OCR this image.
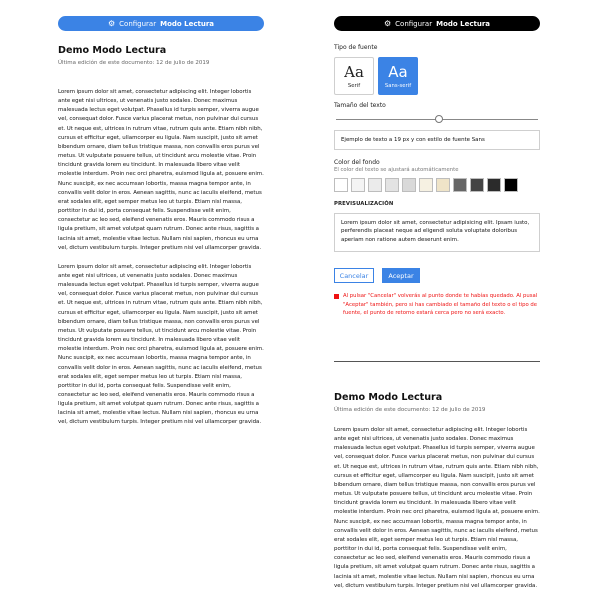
⚙ Configurar Modo Lectura
Demo Modo Lectura
Última edición de este documento: 12 de julio de 2019

Lorem ipsum dolor sit amet, consectetur adipiscing elit. Integer lobortis ante eget nisi ultrices, ut venenatis justo sodales. Donec maximus malesuada lectus eget volutpat. Phasellus id turpis semper, viverra augue vel, consequat dolor. Fusce varius placerat metus, non pulvinar dui cursus et. Ut neque est, ultrices in rutrum vitae, rutrum quis ante. Etiam nibh nibh, cursus et efficitur eget, ullamcorper eu ligula. Nam suscipit, justo sit amet bibendum ornare, diam tellus tristique massa, non convallis eros purus vel metus. Ut vulputate posuere tellus, ut tincidunt arcu molestie vitae. Proin tincidunt gravida lorem eu tincidunt. In malesuada libero vitae velit molestie interdum. Proin nec orci pharetra, euismod ligula at, posuere enim. Nunc suscipit, ex nec accumsan lobortis, massa magna tempor ante, in convallis velit dolor in eros. Aenean sagittis, nunc ac iaculis eleifend, metus erat sodales elit, eget semper metus leo ut turpis. Etiam nisl massa, porttitor in dui id, porta consequat felis. Suspendisse velit enim, consectetur ac leo sed, eleifend venenatis eros. Mauris commodo risus a ligula pretium, sit amet volutpat quam rutrum. Donec ante risus, sagittis a lacinia sit amet, molestie vitae lectus. Nullam nisi sapien, rhoncus eu urna vel, dictum vestibulum turpis. Integer pretium nisi vel ullamcorper gravida.

Lorem ipsum dolor sit amet, consectetur adipiscing elit. Integer lobortis ante eget nisi ultrices, ut venenatis justo sodales. Donec maximus malesuada lectus eget volutpat. Phasellus id turpis semper, viverra augue vel, consequat dolor. Fusce varius placerat metus, non pulvinar dui cursus et. Ut neque est, ultrices in rutrum vitae, rutrum quis ante. Etiam nibh nibh, cursus et efficitur eget, ullamcorper eu ligula. Nam suscipit, justo sit amet bibendum ornare, diam tellus tristique massa, non convallis eros purus vel metus. Ut vulputate posuere tellus, ut tincidunt arcu molestie vitae. Proin tincidunt gravida lorem eu tincidunt. In malesuada libero vitae velit molestie interdum. Proin nec orci pharetra, euismod ligula at, posuere enim. Nunc suscipit, ex nec accumsan lobortis, massa magna tempor ante, in convallis velit dolor in eros. Aenean sagittis, nunc ac iaculis eleifend, metus erat sodales elit, eget semper metus leo ut turpis. Etiam nisl massa, porttitor in dui id, porta consequat felis. Suspendisse velit enim, consectetur ac leo sed, eleifend venenatis eros. Mauris commodo risus a ligula pretium, sit amet volutpat quam rutrum. Donec ante risus, sagittis a lacinia sit amet, molestie vitae lectus. Nullam nisi sapien, rhoncus eu urna vel, dictum vestibulum turpis. Integer pretium nisi vel ullamcorper gravida.

⚙ Configurar Modo Lectura
Tipo de fuente
Aa
Serif
Aa
Sans-serif
Tamaño del texto
Ejemplo de texto a 19 px y con estilo de fuente Sans
Color del fondo
El color del texto se ajustará automáticamente
PREVISUALIZACIÓN
Lorem ipsum dolor sit amet, consectetur adipisicing elit. Ipsam iusto, perferendis placeat neque ad eligendi soluta voluptate doloribus aperiam non ratione autem deserunt enim.
Cancelar	Aceptar
Al pulsar "Cancelar" volverás al punto donde te habías quedado. Al pusal "Aceptar" también, pero si has cambiado el tamaño del texto o el tipo de fuente, el punto de retorno estará cerca pero no será exacto.
Demo Modo Lectura
Última edición de este documento: 12 de julio de 2019

Lorem ipsum dolor sit amet, consectetur adipiscing elit. Integer lobortis ante eget nisi ultrices, ut venenatis justo sodales. Donec maximus malesuada lectus eget volutpat. Phasellus id turpis semper, viverra augue vel, consequat dolor. Fusce varius placerat metus, non pulvinar dui cursus et. Ut neque est, ultrices in rutrum vitae, rutrum quis ante. Etiam nibh nibh, cursus et efficitur eget, ullamcorper eu ligula. Nam suscipit, justo sit amet bibendum ornare, diam tellus tristique massa, non convallis eros purus vel metus. Ut vulputate posuere tellus, ut tincidunt arcu molestie vitae. Proin tincidunt gravida lorem eu tincidunt. In malesuada libero vitae velit molestie interdum. Proin nec orci pharetra, euismod ligula at, posuere enim. Nunc suscipit, ex nec accumsan lobortis, massa magna tempor ante, in convallis velit dolor in eros. Aenean sagittis, nunc ac iaculis eleifend, metus erat sodales elit, eget semper metus leo ut turpis. Etiam nisl massa, porttitor in dui id, porta consequat felis. Suspendisse velit enim, consectetur ac leo sed, eleifend venenatis eros. Mauris commodo risus a ligula pretium, sit amet volutpat quam rutrum. Donec ante risus, sagittis a lacinia sit amet, molestie vitae lectus. Nullam nisi sapien, rhoncus eu urna vel, dictum vestibulum turpis. Integer pretium nisi vel ullamcorper gravida.
